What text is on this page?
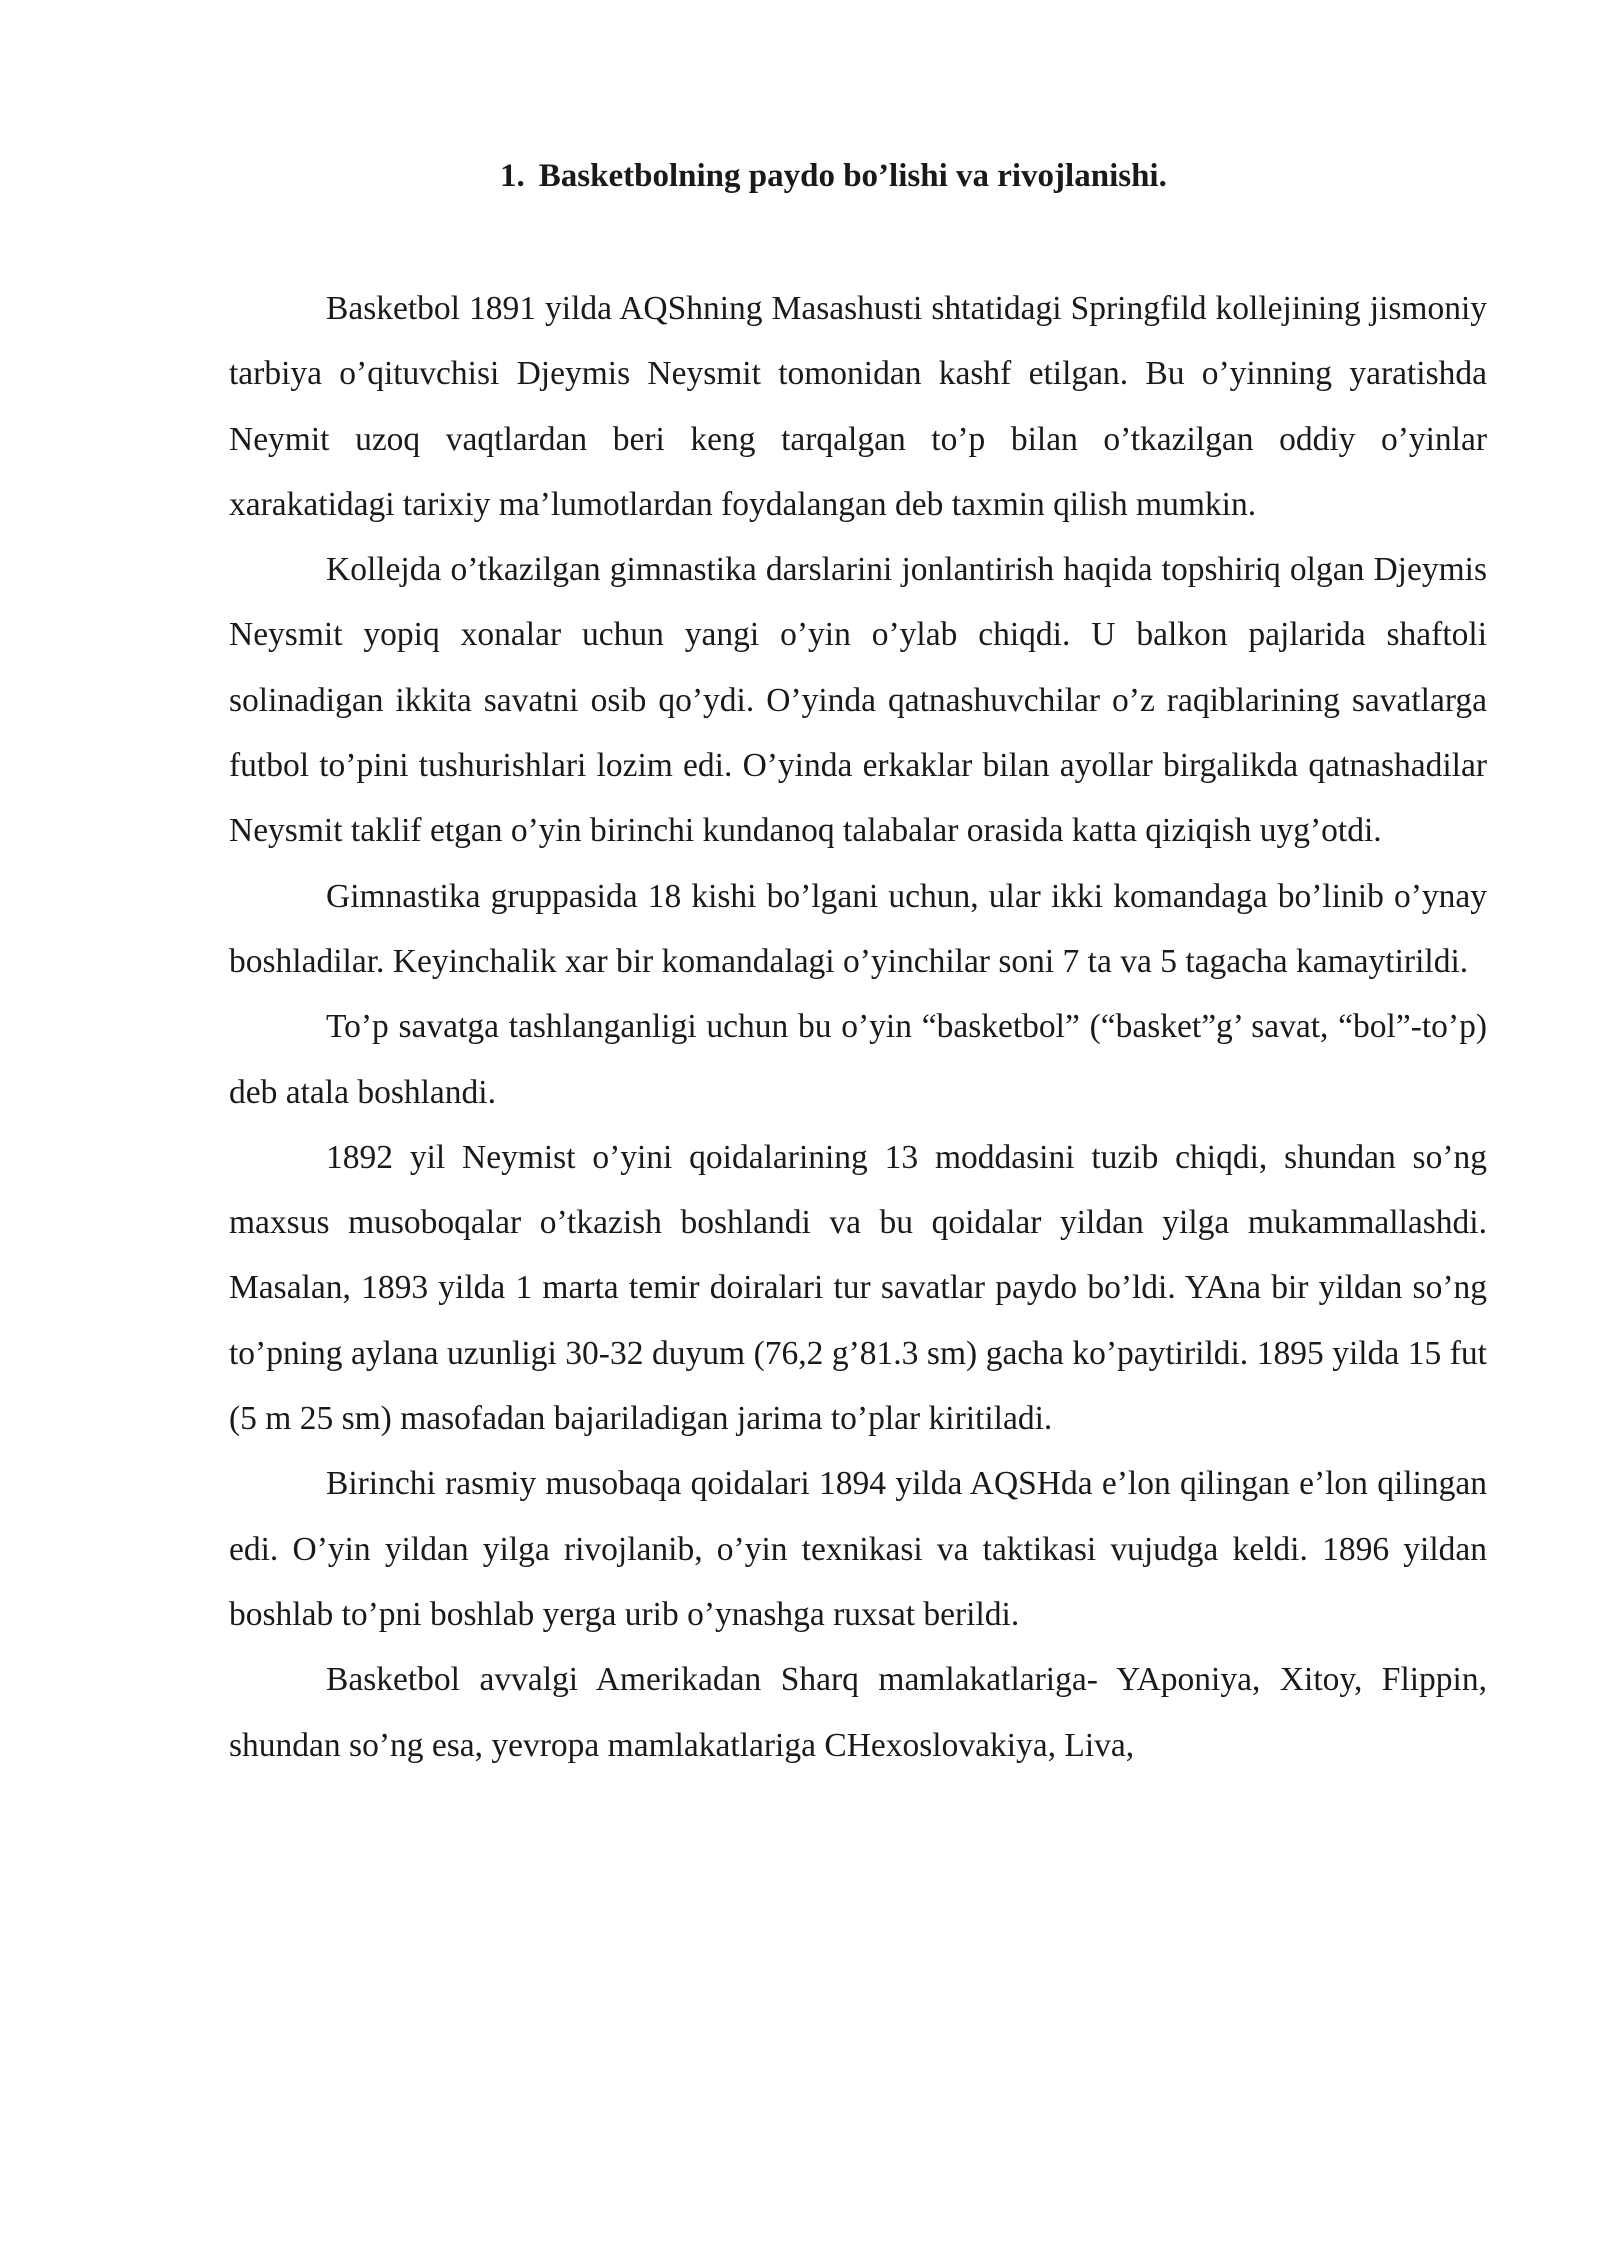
1. Basketbolning paydo bo’lishi va rivojlanishi.

Basketbol 1891 yilda AQShning Masashusti shtatidagi Springfild kollejining jismoniy tarbiya o’qituvchisi Djeymis Neysmit tomonidan kashf etilgan. Bu o’yinning yaratishda Neymit uzoq vaqtlardan beri keng tarqalgan to’p bilan o’tkazilgan oddiy o’yinlar xarakatidagi tarixiy ma’lumotlardan foydalangan deb taxmin qilish mumkin.

Kollejda o’tkazilgan gimnastika darslarini jonlantirish haqida topshiriq olgan Djeymis Neysmit yopiq xonalar uchun yangi o’yin o’ylab chiqdi. U balkon pajlarida shaftoli solinadigan ikkita savatni osib qo’ydi. O’yinda qatnashuvchilar o’z raqiblarining savatlarga futbol to’pini tushurishlari lozim edi. O’yinda erkaklar bilan ayollar birgalikda qatnashadilar Neysmit taklif etgan o’yin birinchi kundanoq talabalar orasida katta qiziqish uyg’otdi.

Gimnastika gruppasida 18 kishi bo’lgani uchun, ular ikki komandaga bo’linib o’ynay boshladilar. Keyinchalik xar bir komandalagi o’yinchilar soni 7 ta va 5 tagacha kamaytirildi.

To’p savatga tashlanganligi uchun bu o’yin “basketbol” (“basket”g’ savat, “bol”-to’p) deb atala boshlandi.

1892 yil Neymist o’yini qoidalarining 13 moddasini tuzib chiqdi, shundan so’ng maxsus musoboqalar o’tkazish boshlandi va bu qoidalar yildan yilga mukammallashdi. Masalan, 1893 yilda 1 marta temir doiralari tur savatlar paydo bo’ldi. YAna bir yildan so’ng to’pning aylana uzunligi 30-32 duyum (76,2 g’81.3 sm) gacha ko’paytirildi. 1895 yilda 15 fut (5 m 25 sm) masofadan bajariladigan jarima to’plar kiritiladi.

Birinchi rasmiy musobaqa qoidalari 1894 yilda AQSHda e’lon qilingan e’lon qilingan edi. O’yin yildan yilga rivojlanib, o’yin texnikasi va taktikasi vujudga keldi. 1896 yildan boshlab to’pni boshlab yerga urib o’ynashga ruxsat berildi.

Basketbol avvalgi Amerikadan Sharq mamlakatlariga- YAponiya, Xitoy, Flippin, shundan so’ng esa, yevropa mamlakatlariga CHexoslovakiya, Liva,
